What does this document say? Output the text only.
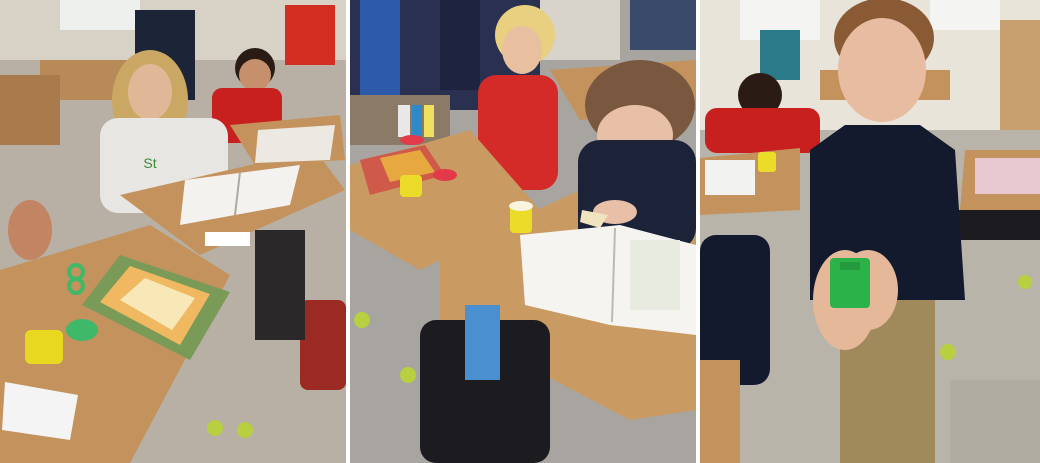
St
